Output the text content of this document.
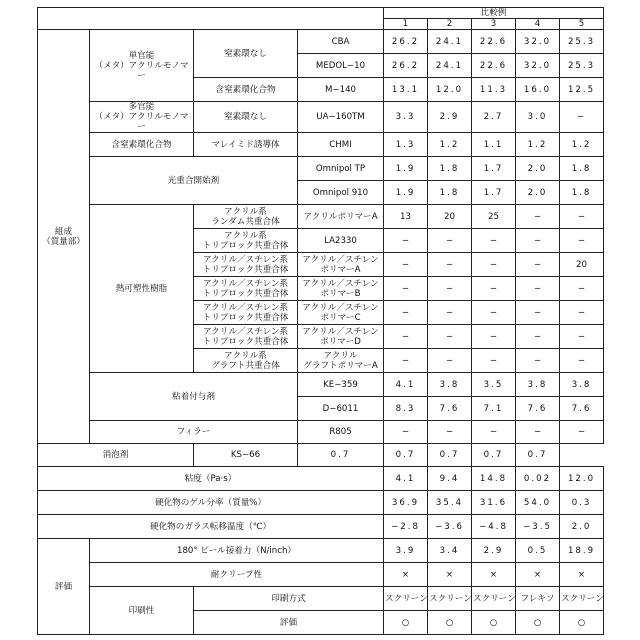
	比較例
1	2	3	4	5
組成
（質量部）	単官能
（メタ）アクリルモノマー	窒素環なし	CBA	26.2	24.1	22.6	32.0	25.3
MEDOL−10	26.2	24.1	22.6	32.0	25.3
含窒素環化合物	M−140	13.1	12.0	11.3	16.0	12.5
多官能
（メタ）アクリルモノマー	窒素環なし	UA−160TM	3.3	2.9	2.7	3.0	−
含窒素環化合物	マレイミド誘導体	CHMI	1.3	1.2	1.1	1.2	1.2
光重合開始剤	Omnipol TP	1.9	1.8	1.7	2.0	1.8
Omnipol 910	1.9	1.8	1.7	2.0	1.8
熱可塑性樹脂	アクリル系
ランダム共重合体	アクリルポリマーA	13	20	25	−	−
アクリル系
トリブロック共重合体	LA2330	−	−	−	−	−
アクリル／スチレン系
トリブロック共重合体	アクリル／スチレン
ポリマーA	−	−	−	−	20
アクリル／スチレン系
トリブロック共重合体	アクリル／スチレン
ポリマーB	−	−	−	−	−
アクリル／スチレン系
トリブロック共重合体	アクリル／スチレン
ポリマーC	−	−	−	−	−
アクリル／スチレン系
トリブロック共重合体	アクリル／スチレン
ポリマーD	−	−	−	−	−
アクリル系
グラフト共重合体	アクリル
グラフトポリマーA	−	−	−	−	−
粘着付与剤	KE−359	4.1	3.8	3.5	3.8	3.8
D−6011	8.3	7.6	7.1	7.6	7.6
フィラー	R805	−	−	−	−	−
消泡剤	KS−66	0.7	0.7	0.7	0.7	0.7
粘度（Pa·s）	4.1	9.4	14.8	0.02	12.0
硬化物のゲル分率（質量%）	36.9	35.4	31.6	54.0	0.3
硬化物のガラス転移温度（℃）	−2.8	−3.6	−4.8	−3.5	2.0
評価	180° ピール接着力（N/inch）	3.9	3.4	2.9	0.5	18.9
耐クリープ性	×	×	×	×	×
印刷性	印刷方式	スクリーン	スクリーン	スクリーン	フレキソ	スクリーン
評価	○	○	○	○	○
